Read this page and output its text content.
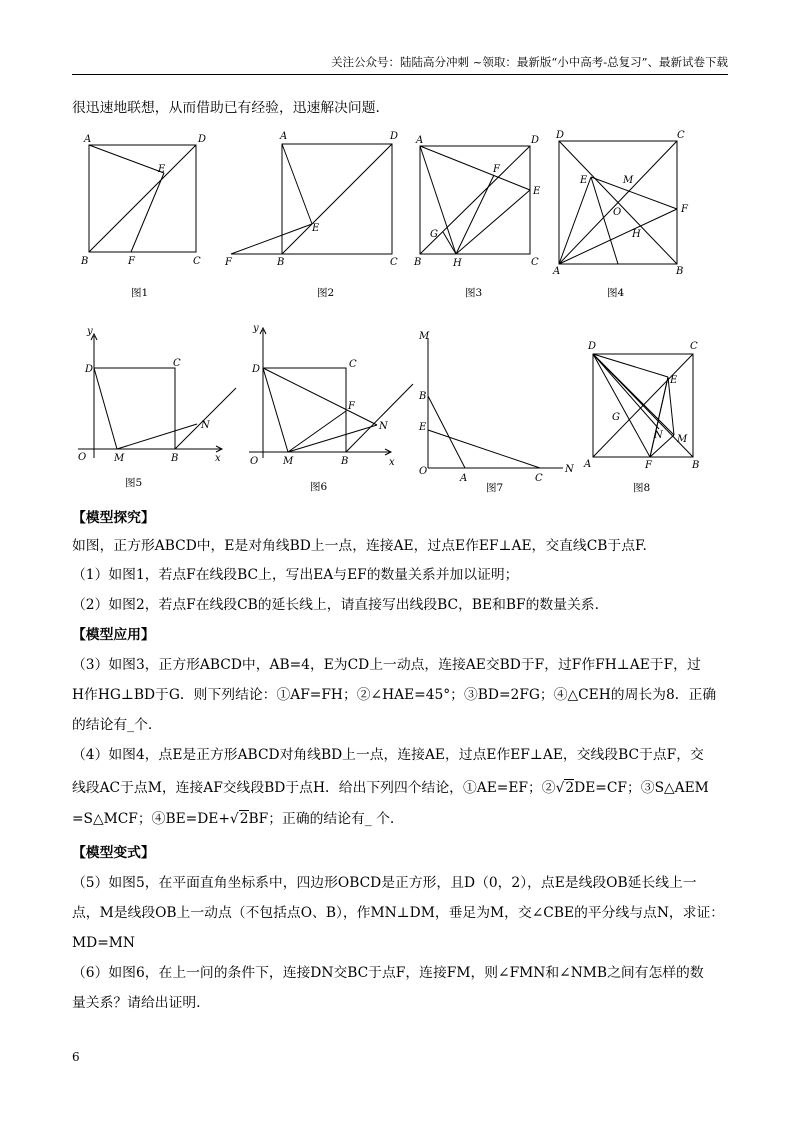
关注公众号：陆陆高分冲刺 ~领取：最新版“小中高考-总复习”、最新试卷下载
很迅速地联想，从而借助已有经验，迅速解决问题.
A	D
E
B	F	C
图1
A	D
E
F	B	C
图2
A	D
F
E
G
B	H	C
图3
D	C
E	M
O	F
H
A	B
图4
y
D
C
N
O	M	B	x
图5
y
D	C
F
N
O M	B	x
图6
M
B
E
O
A	C
N
图7
D	C
E
G
N M
A	F	B
图8
【模型探究】
如图，正方形ABCD中，E是对角线BD上一点，连接AE，过点E作EF⊥AE，交直线CB于点F.
（1）如图1，若点F在线段BC上，写出EA与EF的数量关系并加以证明；
（2）如图2，若点F在线段CB的延长线上，请直接写出线段BC，BE和BF的数量关系.
【模型应用】
（3）如图3，正方形ABCD中，AB=4，E为CD上一动点，连接AE交BD于F，过F作FH⊥AE于F，过
H作HG⊥BD于G．则下列结论：①AF=FH；②∠HAE=45°；③BD=2FG；④△CEH的周长为8．正确
的结论有_个.
（4）如图4，点E是正方形ABCD对角线BD上一点，连接AE，过点E作EF⊥AE，交线段BC于点F，交
线段AC于点M，连接AF交线段BD于点H．给出下列四个结论，①AE=EF；②√2DE=CF；③S△AEM
=S△MCF；④BE=DE+√2BF；正确的结论有_ 个.
【模型变式】
（5）如图5，在平面直角坐标系中，四边形OBCD是正方形，且D（0，2），点E是线段OB延长线上一
点，M是线段OB上一动点（不包括点O、B），作MN⊥DM，垂足为M，交∠CBE的平分线与点N，求证：
MD=MN
（6）如图6，在上一问的条件下，连接DN交BC于点F，连接FM，则∠FMN和∠NMB之间有怎样的数
量关系？请给出证明.
6
